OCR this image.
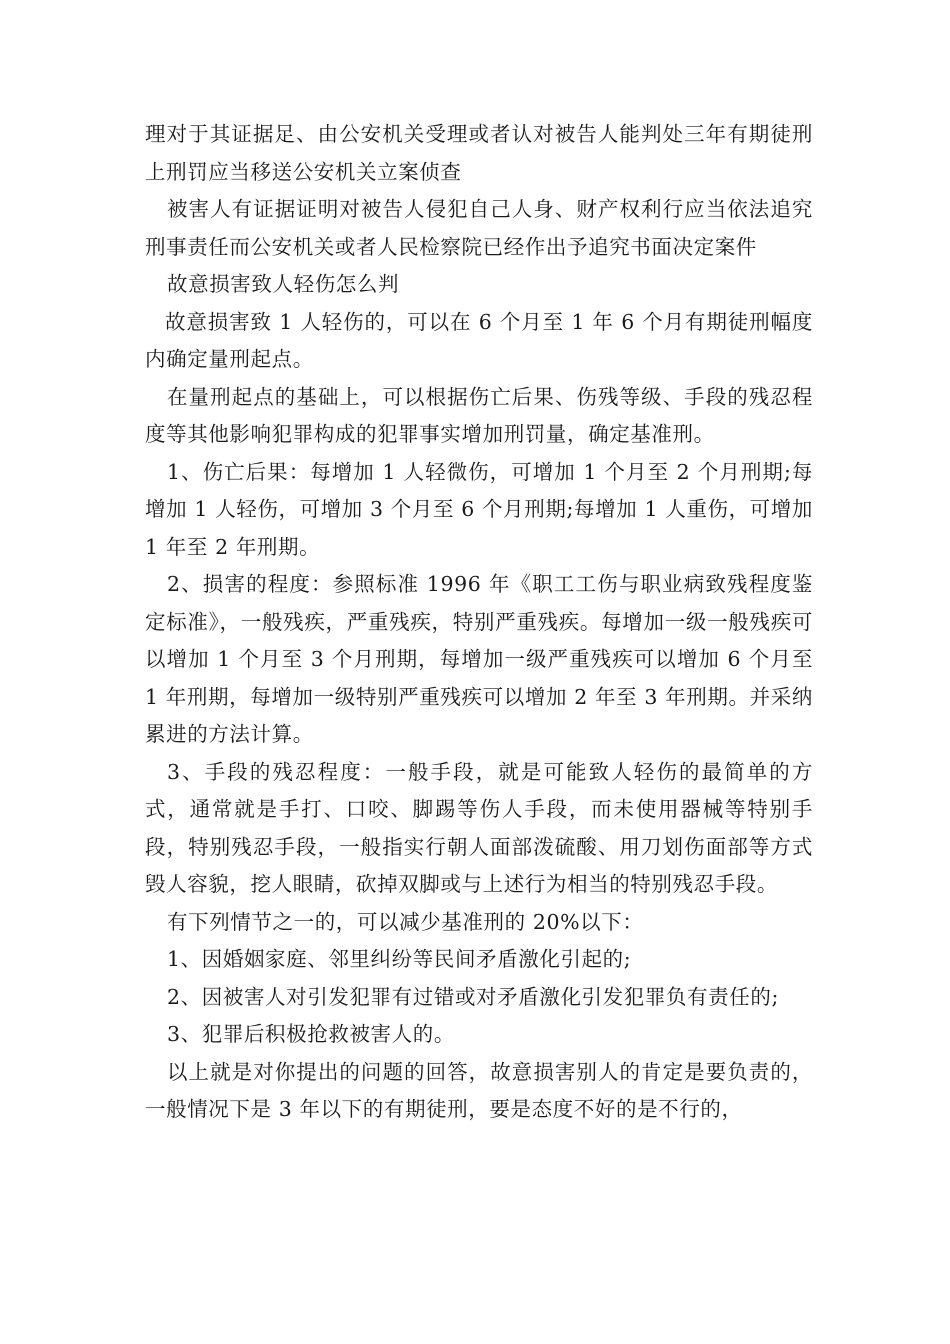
理对于其证据足、由公安机关受理或者认对被告人能判处三年有期徒刑上刑罚应当移送公安机关立案侦查

被害人有证据证明对被告人侵犯自己人身、财产权利行应当依法追究刑事责任而公安机关或者人民检察院已经作出予追究书面决定案件

故意损害致人轻伤怎么判

故意损害致 1 人轻伤的，可以在 6 个月至 1 年 6 个月有期徒刑幅度内确定量刑起点。

在量刑起点的基础上，可以根据伤亡后果、伤残等级、手段的残忍程度等其他影响犯罪构成的犯罪事实增加刑罚量，确定基准刑。

1、伤亡后果：每增加 1 人轻微伤，可增加 1 个月至 2 个月刑期;每增加 1 人轻伤，可增加 3 个月至 6 个月刑期;每增加 1 人重伤，可增加 1 年至 2 年刑期。

2、损害的程度：参照标准 1996 年《职工工伤与职业病致残程度鉴定标准》，一般残疾，严重残疾，特别严重残疾。每增加一级一般残疾可以增加 1 个月至 3 个月刑期，每增加一级严重残疾可以增加 6 个月至 1 年刑期，每增加一级特别严重残疾可以增加 2 年至 3 年刑期。并采纳累进的方法计算。

3、手段的残忍程度：一般手段，就是可能致人轻伤的最简单的方式，通常就是手打、口咬、脚踢等伤人手段，而未使用器械等特别手段，特别残忍手段，一般指实行朝人面部泼硫酸、用刀划伤面部等方式毁人容貌，挖人眼睛，砍掉双脚或与上述行为相当的特别残忍手段。

有下列情节之一的，可以减少基准刑的 20%以下：

1、因婚姻家庭、邻里纠纷等民间矛盾激化引起的;

2、因被害人对引发犯罪有过错或对矛盾激化引发犯罪负有责任的;

3、犯罪后积极抢救被害人的。

以上就是对你提出的问题的回答，故意损害别人的肯定是要负责的，一般情况下是 3 年以下的有期徒刑，要是态度不好的是不行的，
